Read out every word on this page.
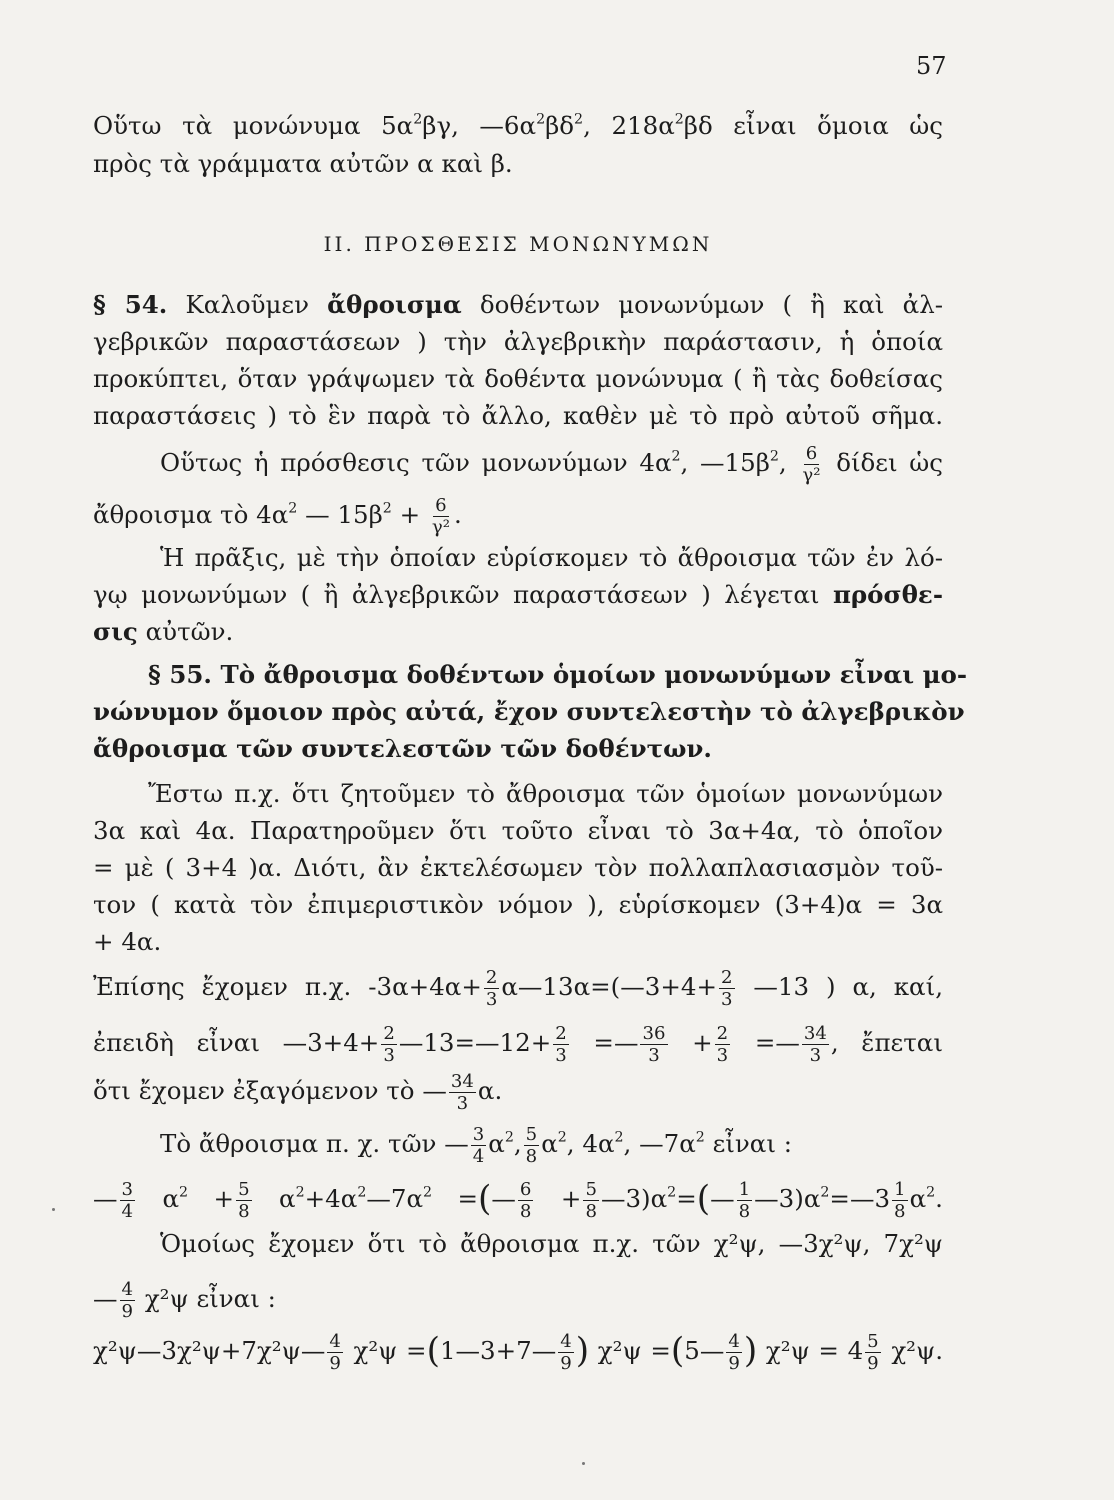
57
Οὕτω τὰ μονώνυμα $5\alpha^2\beta\gamma$, $—6\alpha^2\beta\delta^2$, $218\alpha^2\beta\delta$ εἶναι ὅμοια ὡς
πρὸς τὰ γράμματα αὐτῶν α καὶ β.
II. ΠΡΟΣΘΕΣΙΣ ΜΟΝΩΝΥΜΩΝ
§ 54. Καλοῦμεν ἄθροισμα δοθέντων μονωνύμων ( ἢ καὶ ἀλ-
γεβρικῶν παραστάσεων ) τὴν ἀλγεβρικὴν παράστασιν, ἡ ὁποία
προκύπτει, ὅταν γράψωμεν τὰ δοθέντα μονώνυμα ( ἢ τὰς δοθείσας
παραστάσεις ) τὸ ἓν παρὰ τὸ ἄλλο, καθὲν μὲ τὸ πρὸ αὐτοῦ σῆμα.
Οὕτως ἡ πρόσθεσις τῶν μονωνύμων $4\alpha^2$, $—15\beta^2$, $\frac{6}{\text{γ²}}$ δίδει ὡς
ἄθροισμα τὸ $4\alpha^2$ — $15\beta^2 + \frac{6}{\text{γ²}}$ .
Ἡ πρᾶξις, μὲ τὴν ὁποίαν εὑρίσκομεν τὸ ἄθροισμα τῶν ἐν λό-
γῳ μονωνύμων ( ἢ ἀλγεβρικῶν παραστάσεων ) λέγεται πρόσθε-
σις αὐτῶν.
§ 55. Τὸ ἄθροισμα δοθέντων ὁμοίων μονωνύμων εἶναι μο-
νώνυμον ὅμοιον πρὸς αὐτά, ἔχον συντελεστὴν τὸ ἀλγεβρικὸν
ἄθροισμα τῶν συντελεστῶν τῶν δοθέντων.
Ἔστω π.χ. ὅτι ζητοῦμεν τὸ ἄθροισμα τῶν ὁμοίων μονωνύμων
3α καὶ 4α. Παρατηροῦμεν ὅτι τοῦτο εἶναι τὸ 3α+4α, τὸ ὁποῖον
= μὲ ( 3+4 )α. Διότι, ἂν ἐκτελέσωμεν τὸν πολλαπλασιασμὸν τοῦ-
τον ( κατὰ τὸν ἐπιμεριστικὸν νόμον ), εὑρίσκομεν (3+4)α = 3α
+ 4α.
Ἐπίσης ἔχομεν π.χ. $-3\alpha+4\alpha+ \frac{2}{3}$ α—13α=(—3+4+ $\frac{2}{3}$ —13 ) α, καί,
ἐπειδὴ εἶναι —3+4+ $\frac{2}{3}$ —13=—12+ $\frac{2}{3}$ =— $\frac{36}{3} + \frac{2}{3}$ =— $\frac{34}{3}$ , ἔπεται
ὅτι ἔχομεν ἐξαγόμενον τὸ — $\frac{34}{3} \alpha$.
Τὸ ἄθροισμα π. χ. τῶν — $\frac{3}{4} \alpha^2$, $\frac{5}{8} \alpha^2$, $4\alpha^2$, $—7\alpha^2$ εἶναι :
— $\frac{3}{4} \alpha^2 + \frac{5}{8}$ $\alpha^2+4\alpha^2—7\alpha^2$ =(— $\frac{6}{8} + \frac{5}{8}$ $—3)\alpha^2=(— \frac{1}{8}$ $—3)\alpha^2=—3 \frac{1}{8} \alpha^2$.
Ὁμοίως ἔχομεν ὅτι τὸ ἄθροισμα π.χ. τῶν χ²ψ, —3χ²ψ, 7χ²ψ
— $\frac{4}{9} \chi^2\psi$ εἶναι :
χ²ψ—3χ²ψ+7χ²ψ— $\frac{4}{9} \chi^2\psi$ =(1—3+7— $\frac{4}{9}$ ) χ²ψ =(5— $\frac{4}{9}$ ) $\chi^2\psi = 4 \frac{5}{9} \chi^2\psi$.
